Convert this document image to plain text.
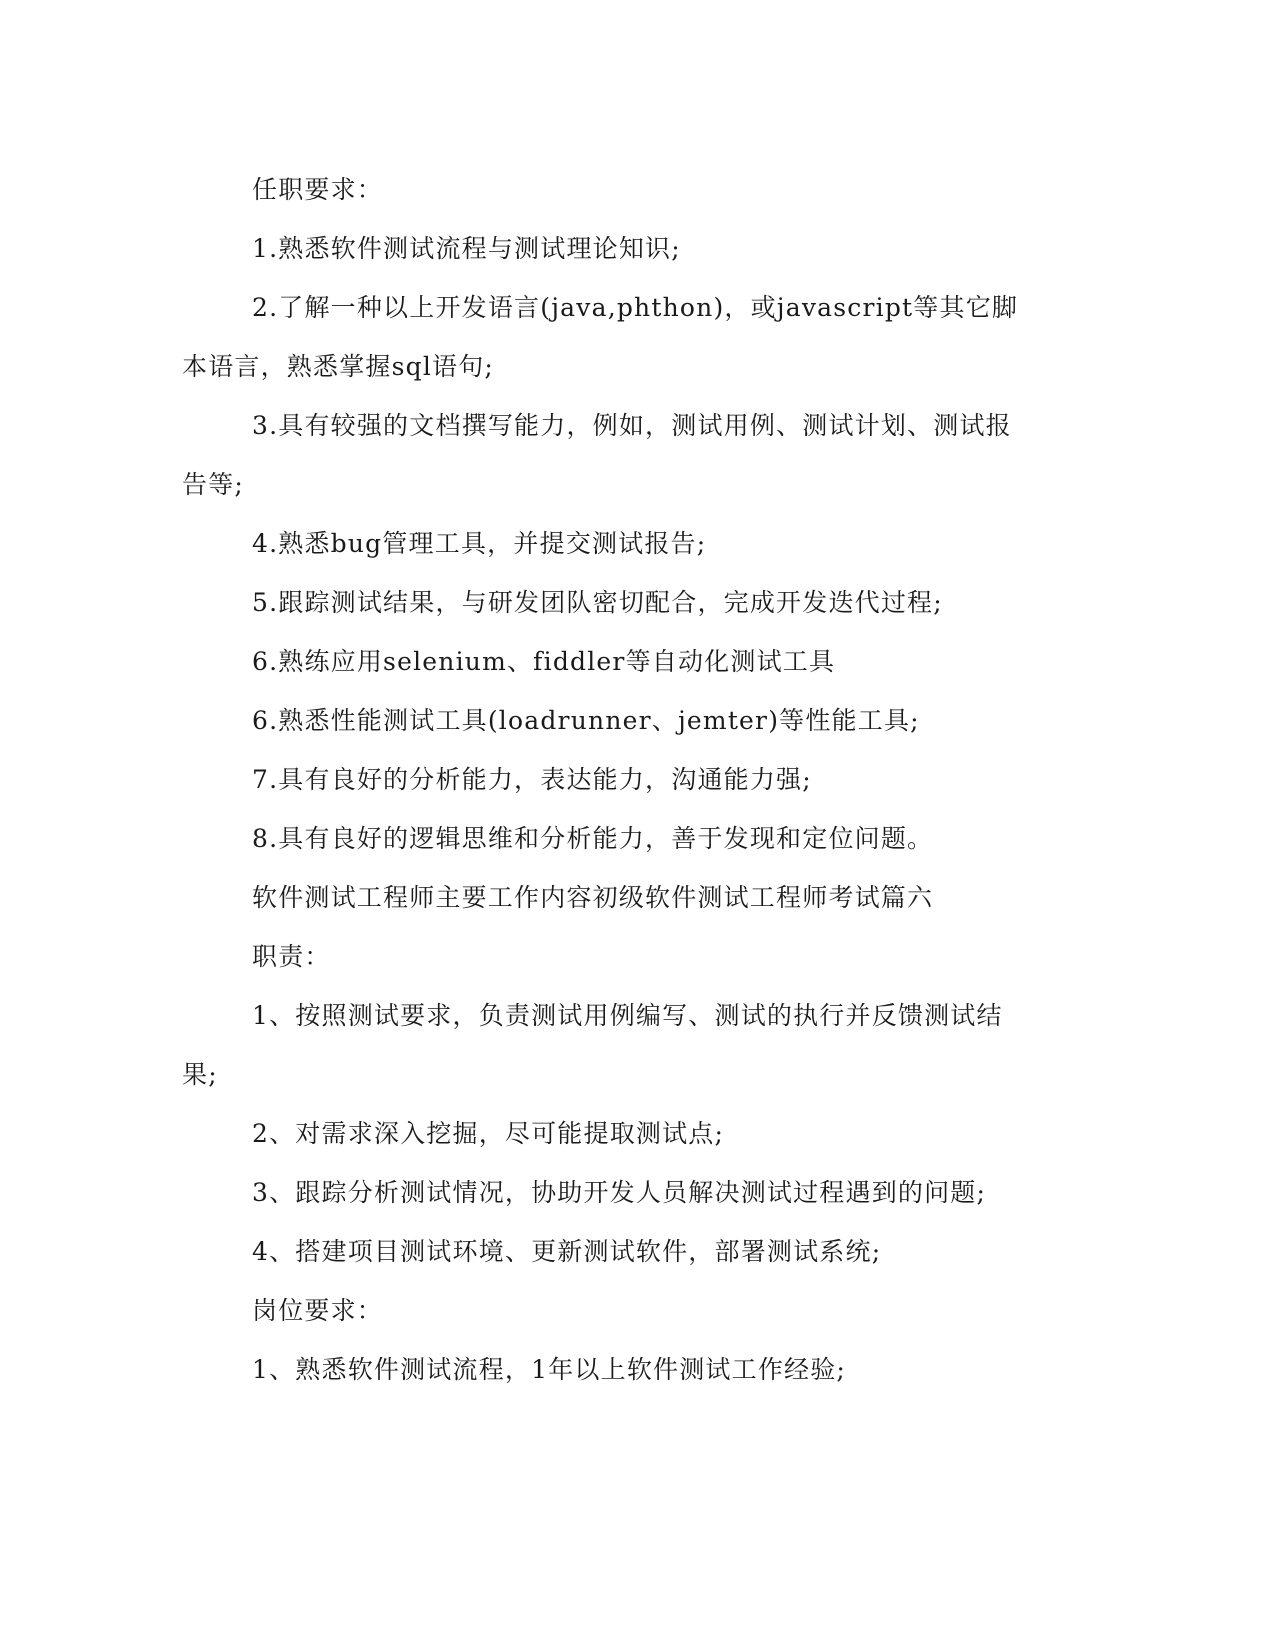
任职要求：

1.熟悉软件测试流程与测试理论知识;

2.了解一种以上开发语言(java,phthon)，或javascript等其它脚本语言，熟悉掌握sql语句;

3.具有较强的文档撰写能力，例如，测试用例、测试计划、测试报告等;

4.熟悉bug管理工具，并提交测试报告;

5.跟踪测试结果，与研发团队密切配合，完成开发迭代过程;

6.熟练应用selenium、fiddler等自动化测试工具

6.熟悉性能测试工具(loadrunner、jemter)等性能工具;

7.具有良好的分析能力，表达能力，沟通能力强;

8.具有良好的逻辑思维和分析能力，善于发现和定位问题。

软件测试工程师主要工作内容初级软件测试工程师考试篇六

职责：

1、按照测试要求，负责测试用例编写、测试的执行并反馈测试结果;

2、对需求深入挖掘，尽可能提取测试点;

3、跟踪分析测试情况，协助开发人员解决测试过程遇到的问题;

4、搭建项目测试环境、更新测试软件，部署测试系统;

岗位要求：

1、熟悉软件测试流程，1年以上软件测试工作经验;
